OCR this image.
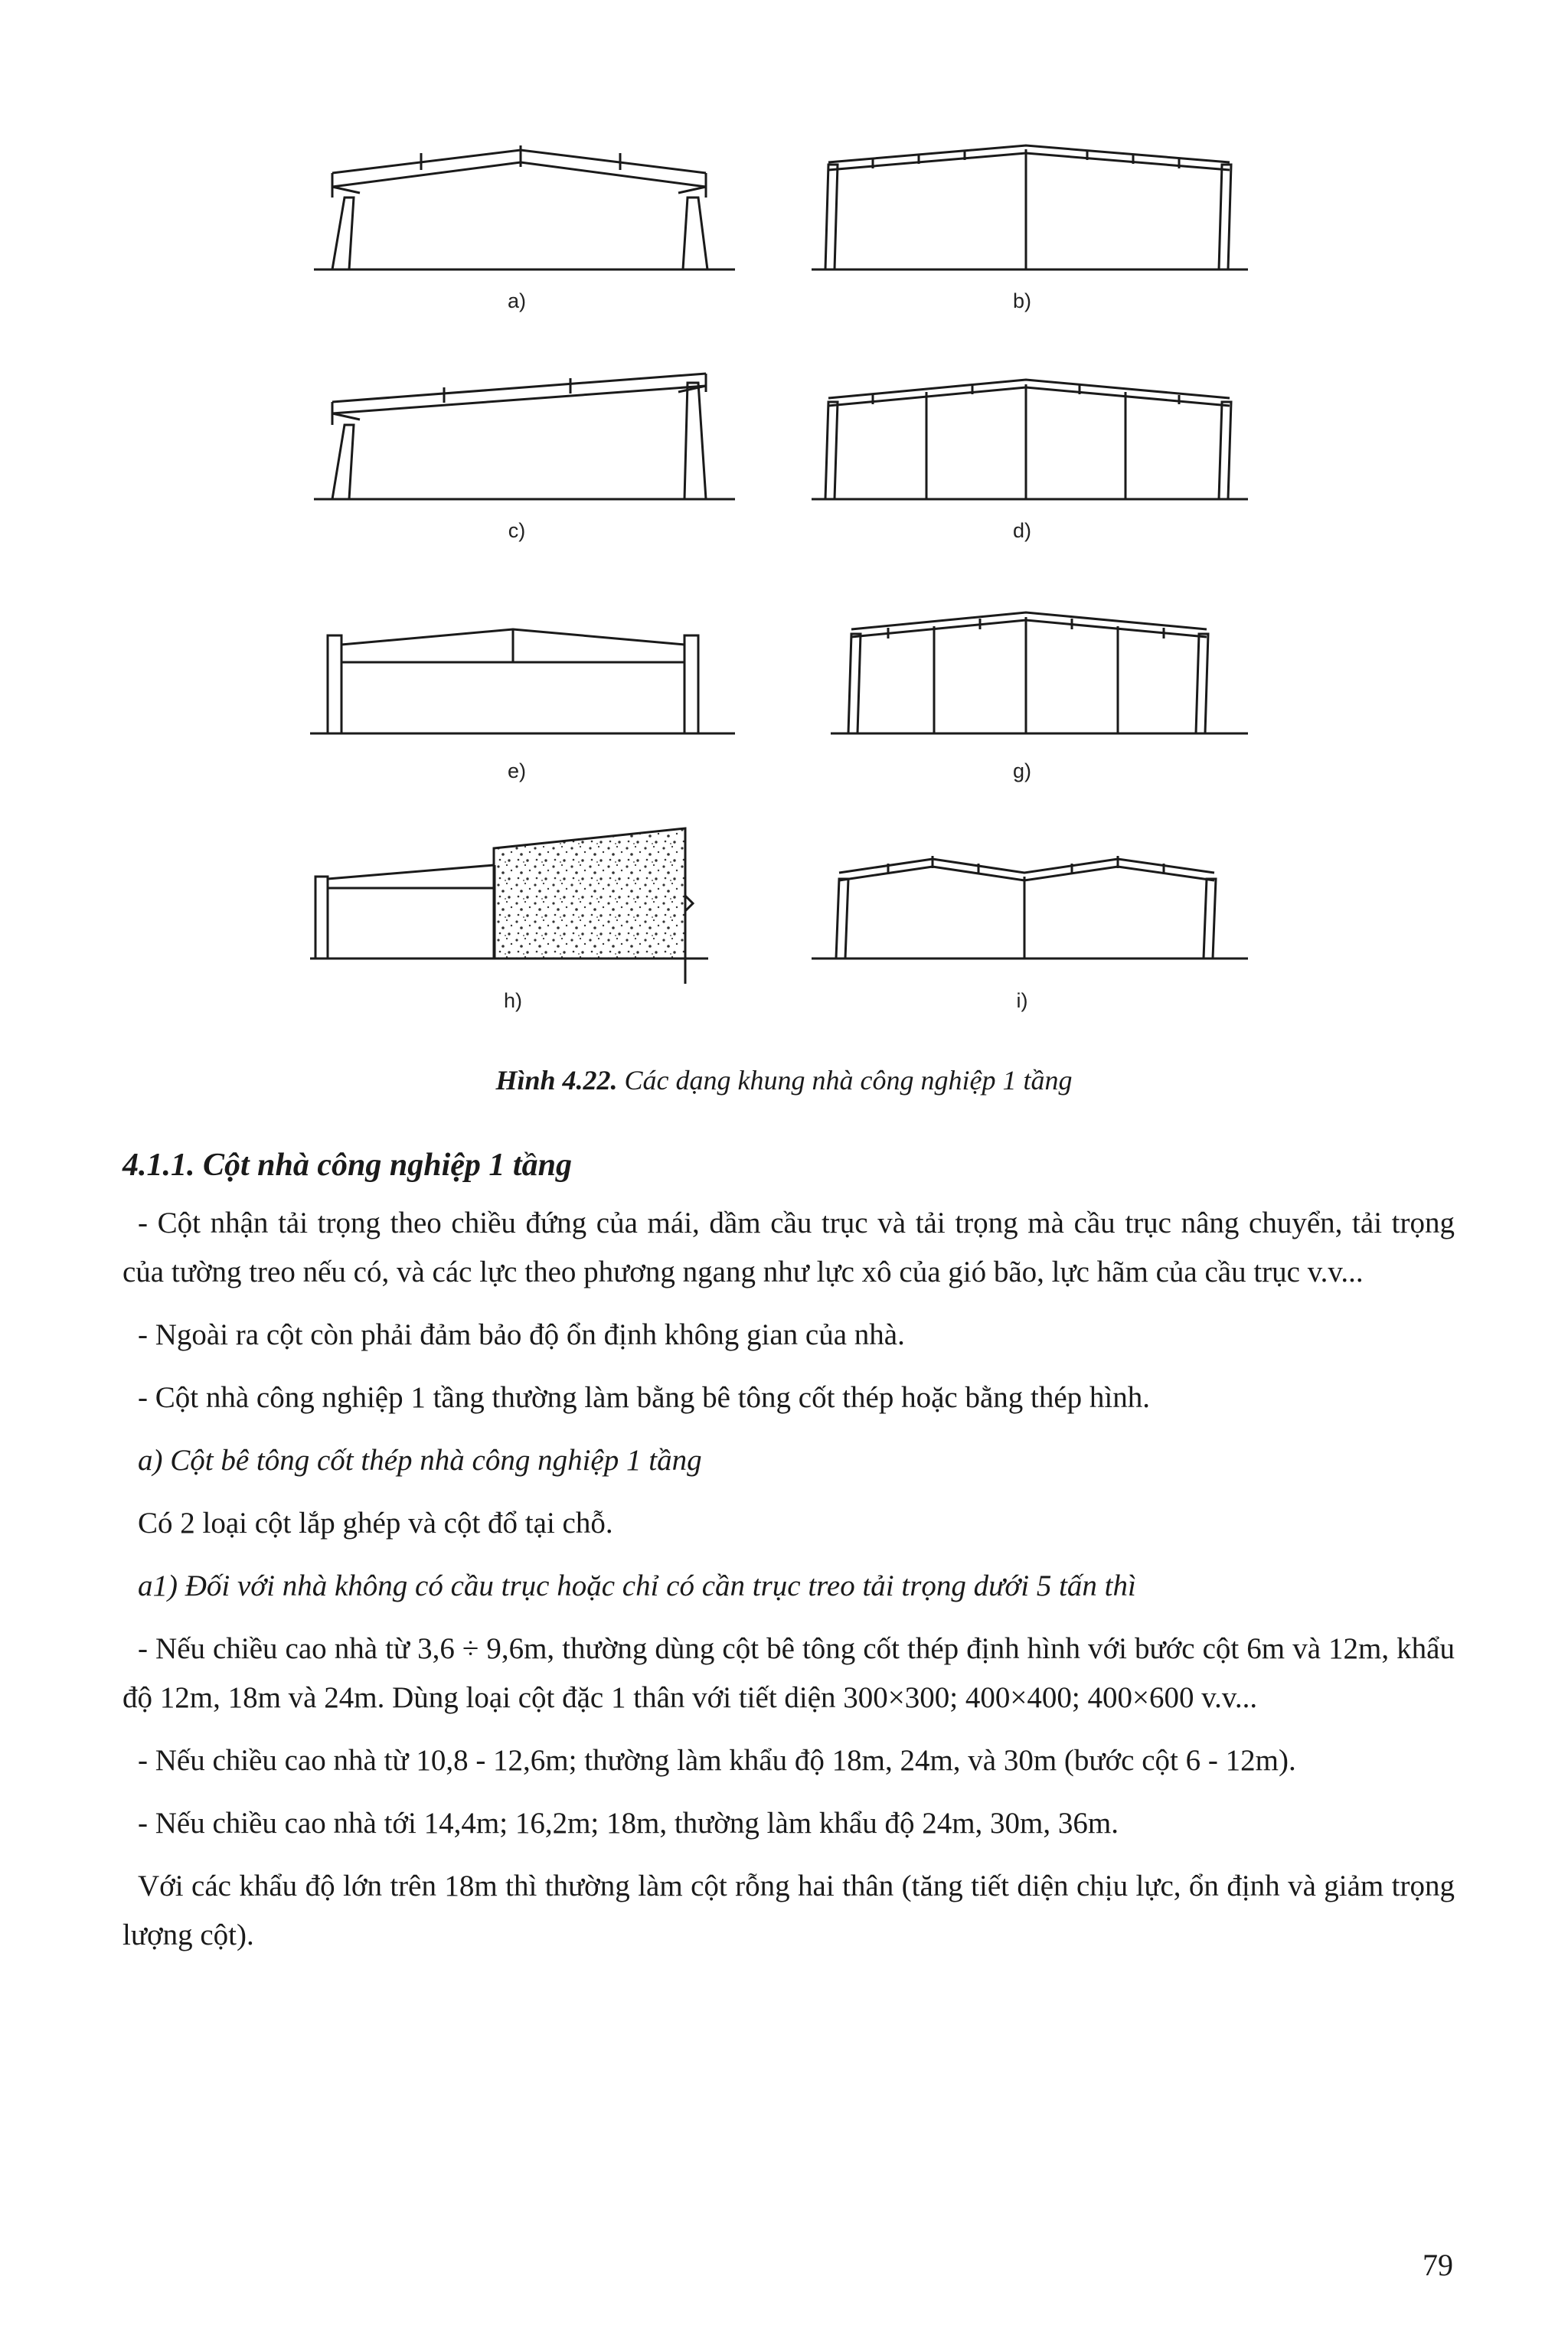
a)	b)
c)	d)
e)	g)
h)	i)
Hình 4.22. Các dạng khung nhà công nghiệp 1 tầng

4.1.1. Cột nhà công nghiệp 1 tầng

- Cột nhận tải trọng theo chiều đứng của mái, dầm cầu trục và tải trọng mà cầu trục nâng chuyển, tải trọng của tường treo nếu có, và các lực theo phương ngang như lực xô của gió bão, lực hãm của cầu trục v.v...

- Ngoài ra cột còn phải đảm bảo độ ổn định không gian của nhà.

- Cột nhà công nghiệp 1 tầng thường làm bằng bê tông cốt thép hoặc bằng thép hình.

a) Cột bê tông cốt thép nhà công nghiệp 1 tầng

Có 2 loại cột lắp ghép và cột đổ tại chỗ.

a1) Đối với nhà không có cầu trục hoặc chỉ có cần trục treo tải trọng dưới 5 tấn thì

- Nếu chiều cao nhà từ 3,6 ÷ 9,6m, thường dùng cột bê tông cốt thép định hình với bước cột 6m và 12m, khẩu độ 12m, 18m và 24m. Dùng loại cột đặc 1 thân với tiết diện 300×300; 400×400; 400×600 v.v...

- Nếu chiều cao nhà từ 10,8 - 12,6m; thường làm khẩu độ 18m, 24m, và 30m (bước cột 6 - 12m).

- Nếu chiều cao nhà tới 14,4m; 16,2m; 18m, thường làm khẩu độ 24m, 30m, 36m.

Với các khẩu độ lớn trên 18m thì thường làm cột rỗng hai thân (tăng tiết diện chịu lực, ổn định và giảm trọng lượng cột).

79
